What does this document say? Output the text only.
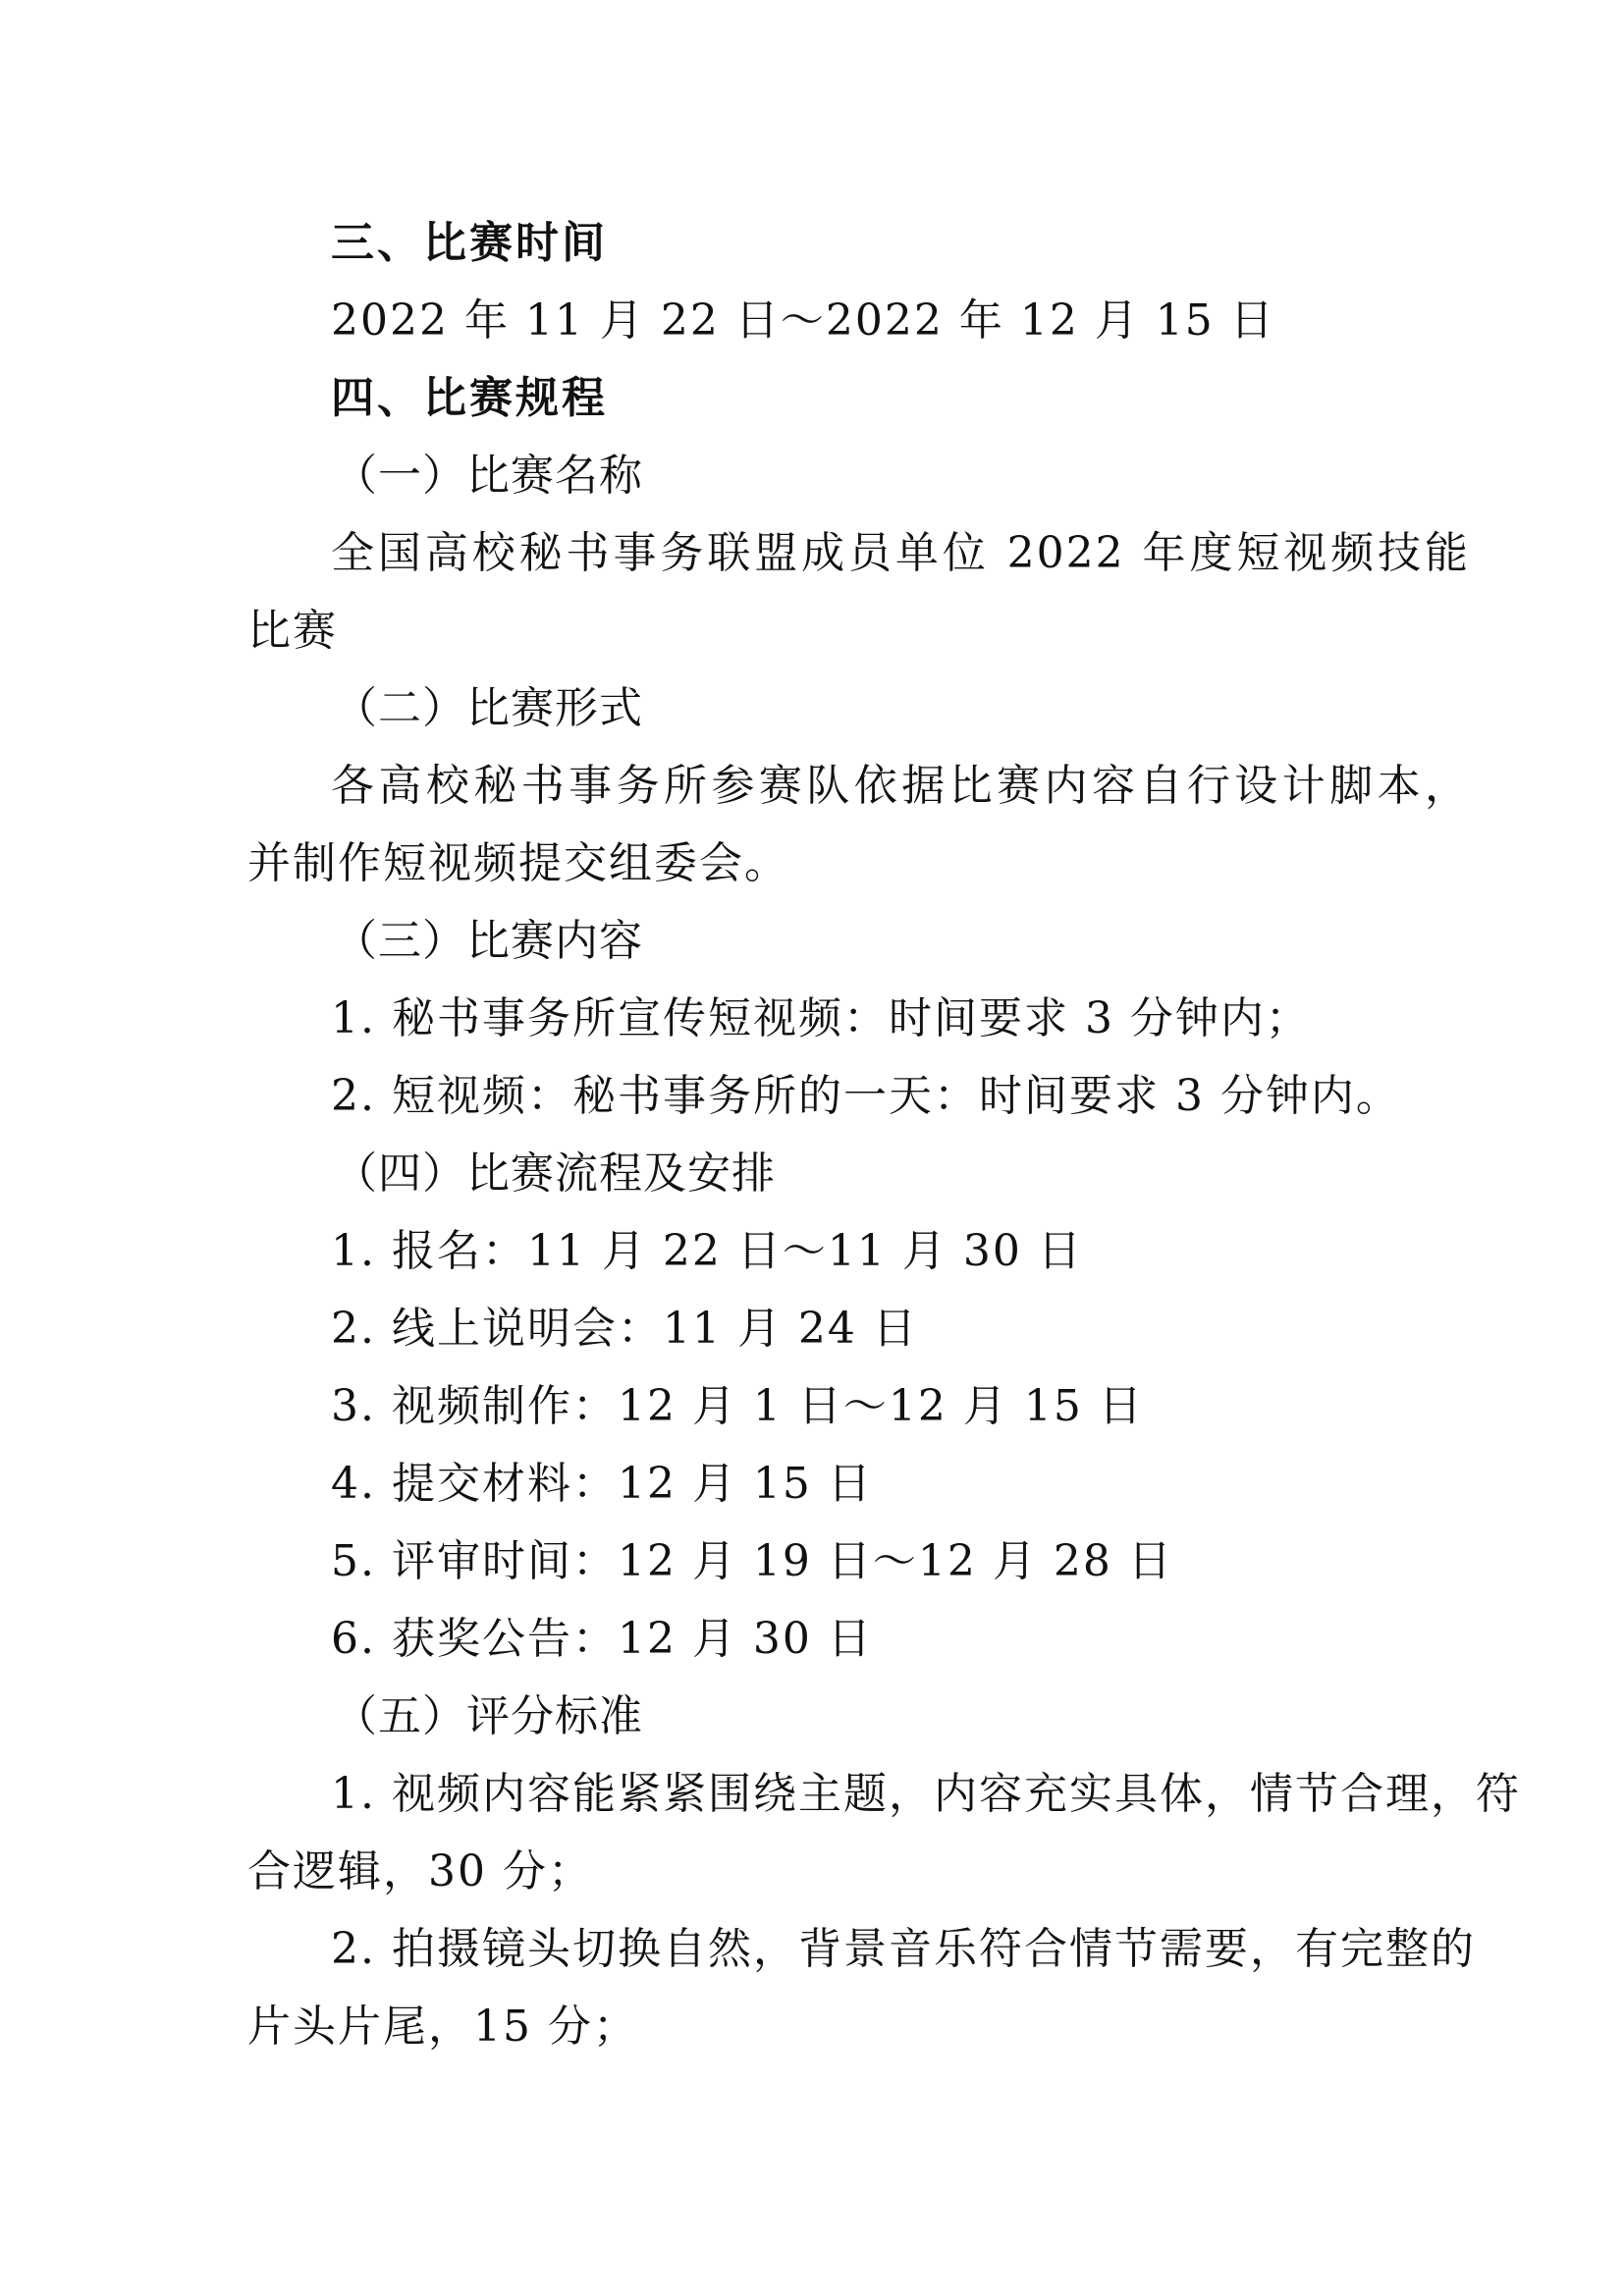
三、比赛时间
2022 年 11 月 22 日～2022 年 12 月 15 日
四、比赛规程
（一）比赛名称
全国高校秘书事务联盟成员单位 2022 年度短视频技能
比赛
（二）比赛形式
各高校秘书事务所参赛队依据比赛内容自行设计脚本，
并制作短视频提交组委会。
（三）比赛内容
1. 秘书事务所宣传短视频：时间要求 3 分钟内；
2. 短视频：秘书事务所的一天：时间要求 3 分钟内。
（四）比赛流程及安排
1. 报名：11 月 22 日～11 月 30 日
2. 线上说明会：11 月 24 日
3. 视频制作：12 月 1 日～12 月 15 日
4. 提交材料：12 月 15 日
5. 评审时间：12 月 19 日～12 月 28 日
6. 获奖公告：12 月 30 日
（五）评分标准
1. 视频内容能紧紧围绕主题，内容充实具体，情节合理，符
合逻辑，30 分；
2. 拍摄镜头切换自然，背景音乐符合情节需要，有完整的
片头片尾，15 分；
